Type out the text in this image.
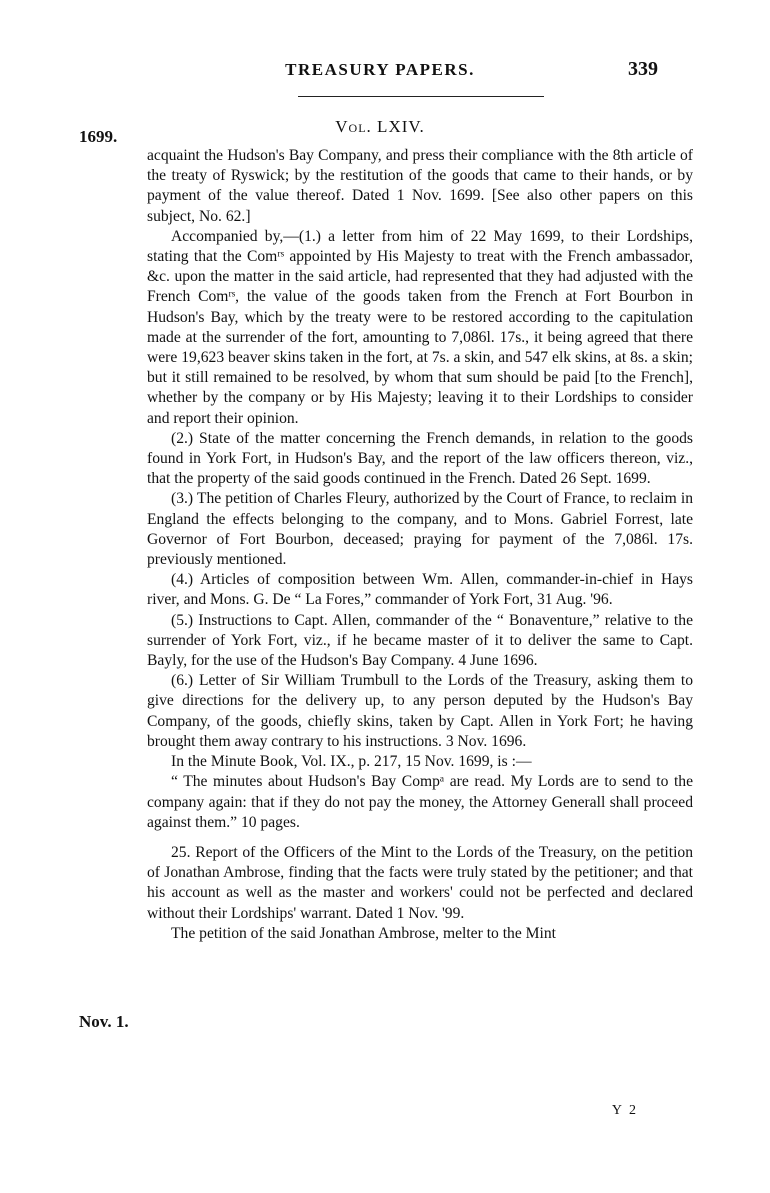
TREASURY PAPERS.	339
Vol. LXIV.
1699.

acquaint the Hudson's Bay Company, and press their compliance with the 8th article of the treaty of Ryswick; by the restitution of the goods that came to their hands, or by payment of the value thereof. Dated 1 Nov. 1699. [See also other papers on this subject, No. 62.]

Accompanied by,—(1.) a letter from him of 22 May 1699, to their Lordships, stating that the Comʳˢ appointed by His Majesty to treat with the French ambassador, &c. upon the matter in the said article, had represented that they had adjusted with the French Comʳˢ, the value of the goods taken from the French at Fort Bourbon in Hudson's Bay, which by the treaty were to be restored according to the capitulation made at the surrender of the fort, amounting to 7,086l. 17s., it being agreed that there were 19,623 beaver skins taken in the fort, at 7s. a skin, and 547 elk skins, at 8s. a skin; but it still remained to be resolved, by whom that sum should be paid [to the French], whether by the company or by His Majesty; leaving it to their Lordships to consider and report their opinion.

(2.) State of the matter concerning the French demands, in relation to the goods found in York Fort, in Hudson's Bay, and the report of the law officers thereon, viz., that the property of the said goods continued in the French. Dated 26 Sept. 1699.

(3.) The petition of Charles Fleury, authorized by the Court of France, to reclaim in England the effects belonging to the company, and to Mons. Gabriel Forrest, late Governor of Fort Bourbon, deceased; praying for payment of the 7,086l. 17s. previously mentioned.

(4.) Articles of composition between Wm. Allen, commander-in-chief in Hays river, and Mons. G. De “ La Fores,” commander of York Fort, 31 Aug. '96.

(5.) Instructions to Capt. Allen, commander of the “ Bonaventure,” relative to the surrender of York Fort, viz., if he became master of it to deliver the same to Capt. Bayly, for the use of the Hudson's Bay Company. 4 June 1696.

(6.) Letter of Sir William Trumbull to the Lords of the Treasury, asking them to give directions for the delivery up, to any person deputed by the Hudson's Bay Company, of the goods, chiefly skins, taken by Capt. Allen in York Fort; he having brought them away contrary to his instructions. 3 Nov. 1696.

In the Minute Book, Vol. IX., p. 217, 15 Nov. 1699, is :—

“ The minutes about Hudson's Bay Compᵃ are read. My Lords are to send to the company again: that if they do not pay the money, the Attorney Generall shall proceed against them.” 10 pages.

25. Report of the Officers of the Mint to the Lords of the Treasury, on the petition of Jonathan Ambrose, finding that the facts were truly stated by the petitioner; and that his account as well as the master and workers' could not be perfected and declared without their Lordships' warrant. Dated 1 Nov. '99.

The petition of the said Jonathan Ambrose, melter to the Mint

Nov. 1.
Y 2
